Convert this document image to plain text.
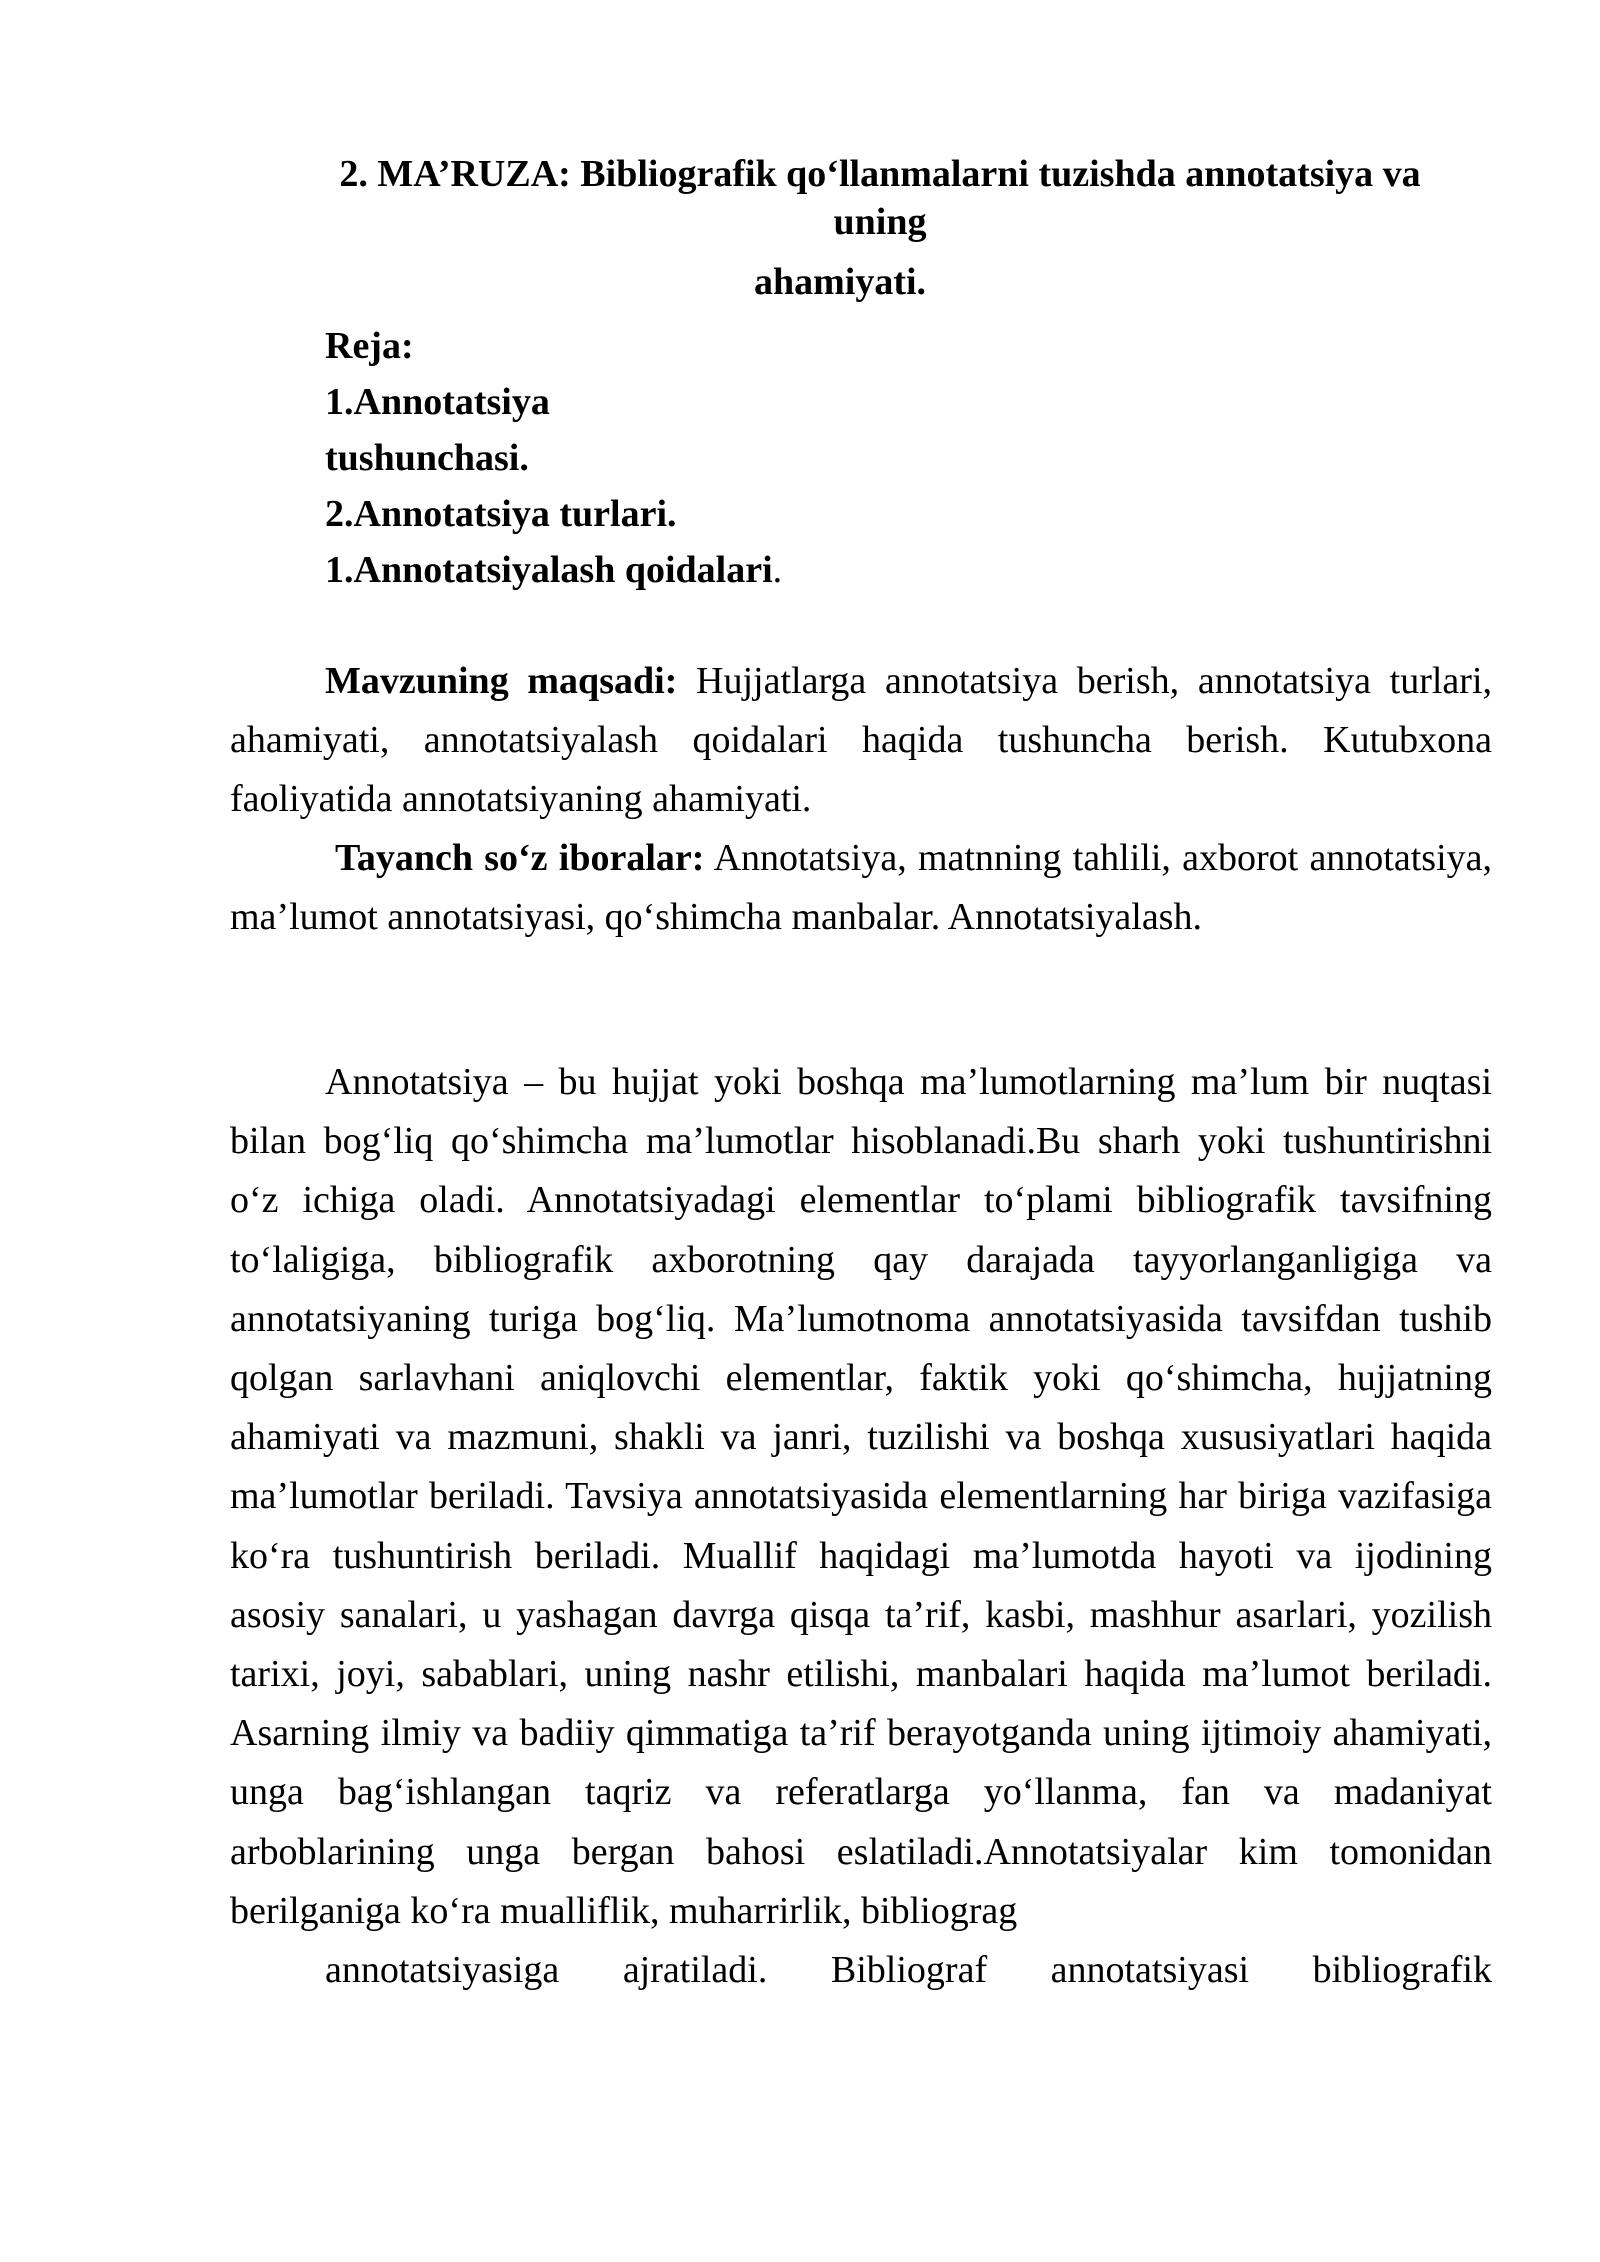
2. MA’RUZA: Bibliografik qo‘llanmalarni tuzishda annotatsiya va

uning

ahamiyati.

Reja:

1.Annotatsiya

tushunchasi.

2.Annotatsiya turlari.

1.Annotatsiyalash qoidalari.

Mavzuning maqsadi: Hujjatlarga annotatsiya berish, annotatsiya turlari, ahamiyati, annotatsiyalash qoidalari haqida tushuncha berish. Kutubxona faoliyatida annotatsiyaning ahamiyati.

Tayanch so‘z iboralar: Annotatsiya, matnning tahlili, axborot annotatsiya, ma’lumot annotatsiyasi, qo‘shimcha manbalar. Annotatsiyalash.

Annotatsiya – bu hujjat yoki boshqa ma’lumotlarning ma’lum bir nuqtasi bilan bog‘liq qo‘shimcha ma’lumotlar hisoblanadi.Bu sharh yoki tushuntirishni o‘z ichiga oladi. Annotatsiyadagi elementlar to‘plami bibliografik tavsifning to‘laligiga, bibliografik axborotning qay darajada tayyorlanganligiga va annotatsiyaning turiga bog‘liq. Ma’lumotnoma annotatsiyasida tavsifdan tushib qolgan sarlavhani aniqlovchi elementlar, faktik yoki qo‘shimcha, hujjatning ahamiyati va mazmuni, shakli va janri, tuzilishi va boshqa xususiyatlari haqida ma’lumotlar beriladi. Tavsiya annotatsiyasida elementlarning har biriga vazifasiga ko‘ra tushuntirish beriladi. Muallif haqidagi ma’lumotda hayoti va ijodining asosiy sanalari, u yashagan davrga qisqa ta’rif, kasbi, mashhur asarlari, yozilish tarixi, joyi, sabablari, uning nashr etilishi, manbalari haqida ma’lumot beriladi. Asarning ilmiy va badiiy qimmatiga ta’rif berayotganda uning ijtimoiy ahamiyati, unga bag‘ishlangan taqriz va referatlarga yo‘llanma, fan va madaniyat arboblarining unga bergan bahosi eslatiladi.Annotatsiyalar kim tomonidan berilganiga ko‘ra mualliflik, muharrirlik, bibliograg
annotatsiyasiga ajratiladi. Bibliograf annotatsiyasi bibliografik
